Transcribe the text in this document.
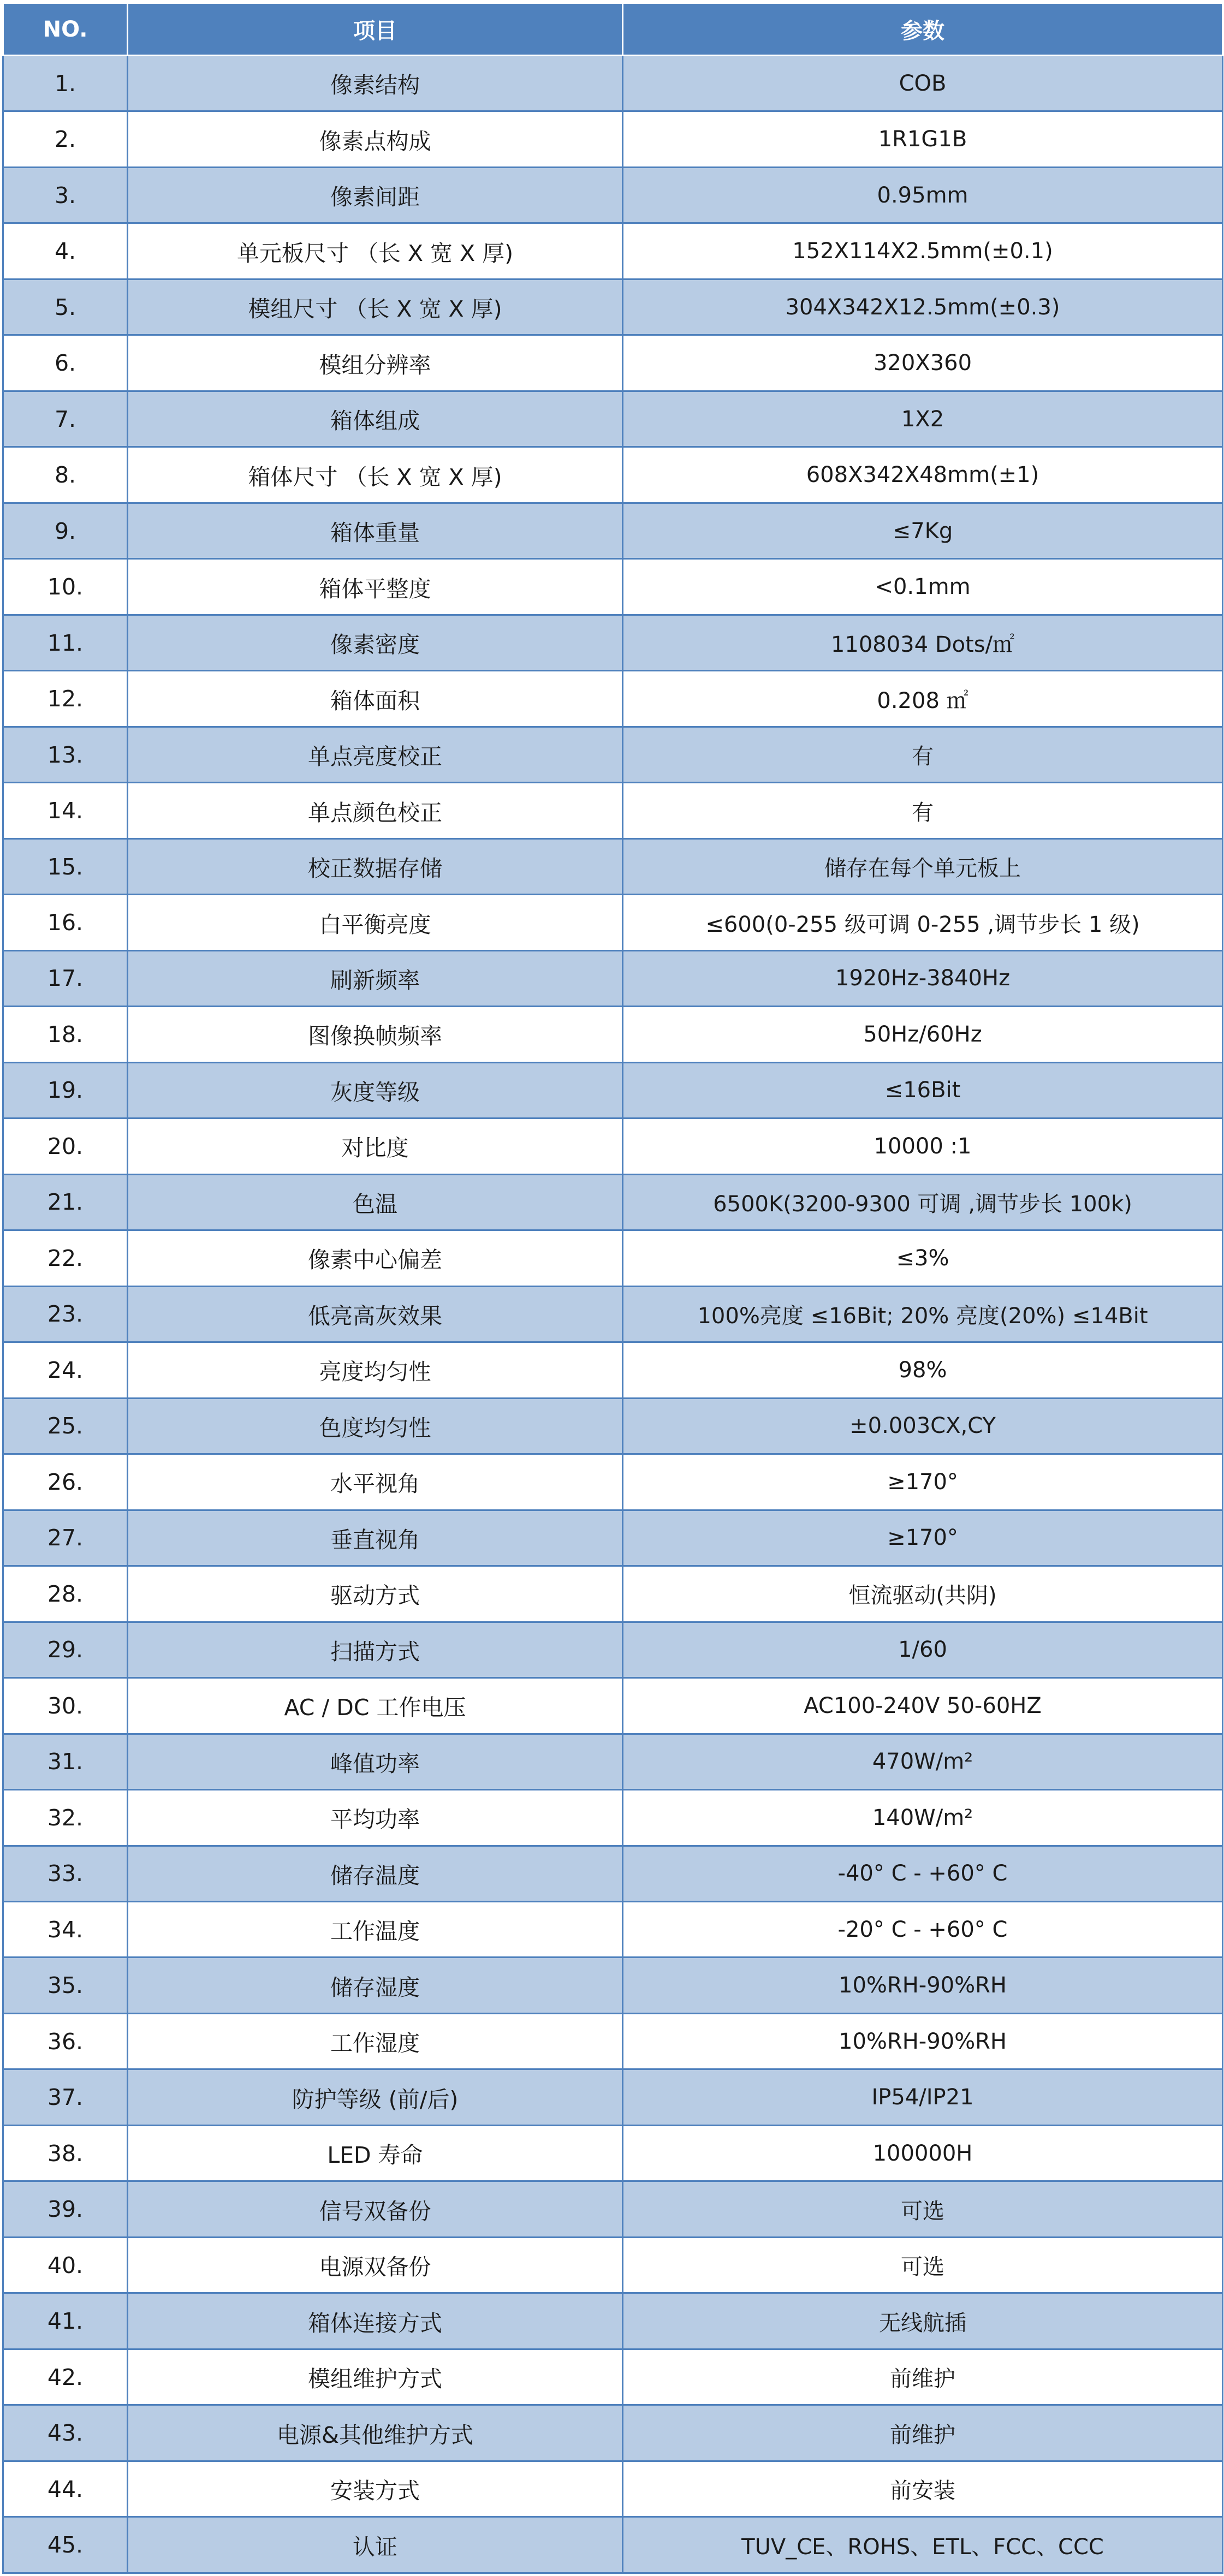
NO.	项目	参数
1.	像素结构	COB
2.	像素点构成	1R1G1B
3.	像素间距	0.95mm
4.	单元板尺寸 （长 X 宽 X 厚)	152X114X2.5mm(±0.1)
5.	模组尺寸 （长 X 宽 X 厚)	304X342X12.5mm(±0.3)
6.	模组分辨率	320X360
7.	箱体组成	1X2
8.	箱体尺寸 （长 X 宽 X 厚)	608X342X48mm(±1)
9.	箱体重量	≤7Kg
10.	箱体平整度	<0.1mm
11.	像素密度	1108034 Dots/㎡
12.	箱体面积	0.208 ㎡
13.	单点亮度校正	有
14.	单点颜色校正	有
15.	校正数据存储	储存在每个单元板上
16.	白平衡亮度	≤600(0-255 级可调 0-255 ,调节步长 1 级)
17.	刷新频率	1920Hz-3840Hz
18.	图像换帧频率	50Hz/60Hz
19.	灰度等级	≤16Bit
20.	对比度	10000 :1
21.	色温	6500K(3200-9300 可调 ,调节步长 100k)
22.	像素中心偏差	≤3%
23.	低亮高灰效果	100%亮度 ≤16Bit; 20% 亮度(20%) ≤14Bit
24.	亮度均匀性	98%
25.	色度均匀性	±0.003CX,CY
26.	水平视角	≥170°
27.	垂直视角	≥170°
28.	驱动方式	恒流驱动(共阴)
29.	扫描方式	1/60
30.	AC / DC 工作电压	AC100-240V 50-60HZ
31.	峰值功率	470W/m²
32.	平均功率	140W/m²
33.	储存温度	-40° C - +60° C
34.	工作温度	-20° C - +60° C
35.	储存湿度	10%RH-90%RH
36.	工作湿度	10%RH-90%RH
37.	防护等级 (前/后)	IP54/IP21
38.	LED 寿命	100000H
39.	信号双备份	可选
40.	电源双备份	可选
41.	箱体连接方式	无线航插
42.	模组维护方式	前维护
43.	电源&其他维护方式	前维护
44.	安装方式	前安装
45.	认证	TUV_CE、ROHS、ETL、FCC、CCC
